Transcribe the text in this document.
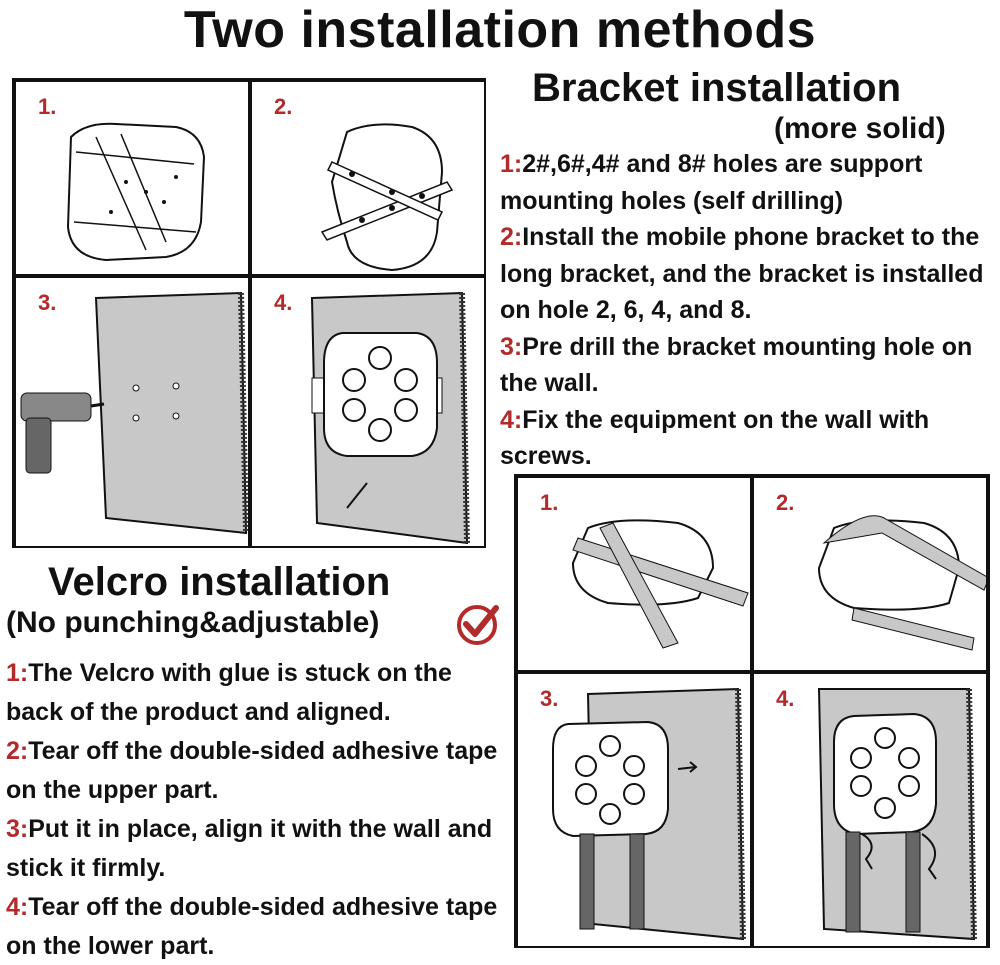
Two installation methods
1.	2.
3.	4.
Bracket installation
(more solid)
1:2#,6#,4# and 8# holes are support mounting holes (self drilling)
2:Install the mobile phone bracket to the long bracket, and the bracket is installed on hole 2, 6, 4, and 8.
3:Pre drill the bracket mounting hole on the wall.
4:Fix the equipment on the wall with screws.
Velcro installation
(No punching&adjustable)
1:The Velcro with glue is stuck on the back of the product and aligned.
2:Tear off the double-sided adhesive tape on the upper part.
3:Put it in place, align it with the wall and stick it firmly.
4:Tear off the double-sided adhesive tape on the lower part.
1.	2.
3.	4.
